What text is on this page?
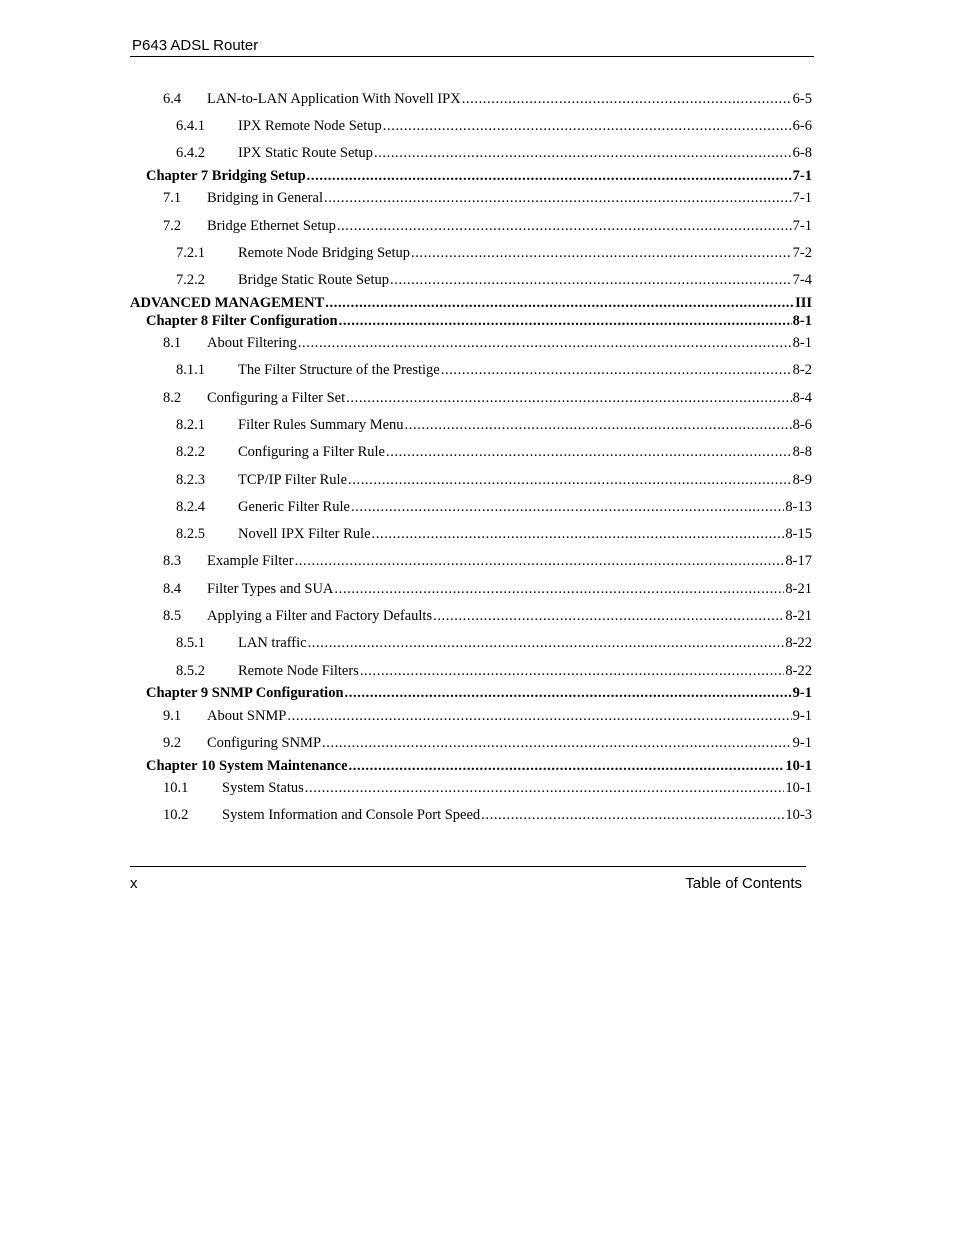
P643 ADSL Router
6.4	LAN-to-LAN Application With Novell IPX .....	6-5
6.4.1	IPX Remote Node Setup .....	6-6
6.4.2	IPX Static Route Setup .....	6-8
Chapter 7 Bridging Setup .....	7-1
7.1	Bridging in General .....	7-1
7.2	Bridge Ethernet Setup .....	7-1
7.2.1	Remote Node Bridging Setup .....	7-2
7.2.2	Bridge Static Route Setup .....	7-4
ADVANCED MANAGEMENT .....	III
Chapter 8 Filter Configuration .....	8-1
8.1	About Filtering .....	8-1
8.1.1	The Filter Structure of the Prestige .....	8-2
8.2	Configuring a Filter Set .....	8-4
8.2.1	Filter Rules Summary Menu .....	8-6
8.2.2	Configuring a Filter Rule .....	8-8
8.2.3	TCP/IP Filter Rule .....	8-9
8.2.4	Generic Filter Rule .....	8-13
8.2.5	Novell IPX Filter Rule .....	8-15
8.3	Example Filter .....	8-17
8.4	Filter Types and SUA .....	8-21
8.5	Applying a Filter and Factory Defaults .....	8-21
8.5.1	LAN traffic .....	8-22
8.5.2	Remote Node Filters .....	8-22
Chapter 9 SNMP Configuration .....	9-1
9.1	About SNMP .....	9-1
9.2	Configuring SNMP .....	9-1
Chapter 10 System Maintenance .....	10-1
10.1	System Status .....	10-1
10.2	System Information and Console Port Speed .....	10-3
x	Table of Contents
